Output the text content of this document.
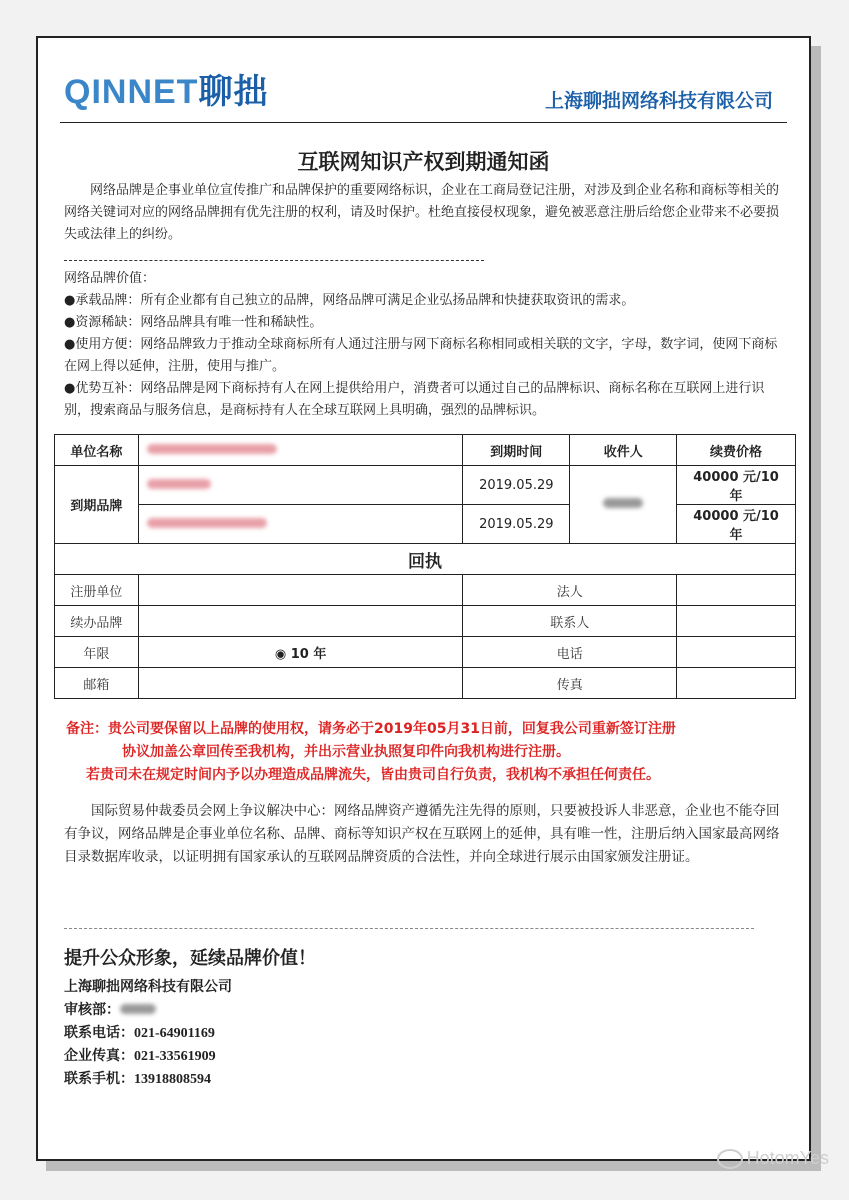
QINNET聊拙	上海聊拙网络科技有限公司
互联网知识产权到期通知函
网络品牌是企事业单位宣传推广和品牌保护的重要网络标识，企业在工商局登记注册，对涉及到企业名称和商标等相关的网络关键词对应的网络品牌拥有优先注册的权利，请及时保护。杜绝直接侵权现象，避免被恶意注册后给您企业带来不必要损失或法律上的纠纷。

网络品牌价值：

●承载品牌：所有企业都有自己独立的品牌，网络品牌可满足企业弘扬品牌和快捷获取资讯的需求。

●资源稀缺：网络品牌具有唯一性和稀缺性。

●使用方便：网络品牌致力于推动全球商标所有人通过注册与网下商标名称相同或相关联的文字，字母，数字词，使网下商标在网上得以延伸，注册，使用与推广。

●优势互补：网络品牌是网下商标持有人在网上提供给用户，消费者可以通过自己的品牌标识、商标名称在互联网上进行识别，搜索商品与服务信息，是商标持有人在全球互联网上具明确，强烈的品牌标识。

单位名称		到期时间	收件人	续费价格
到期品牌		2019.05.29		40000 元/10 年
		2019.05.29		40000 元/10 年
回执				
注册单位		法人		
续办品牌		联系人		
年限	◉ 10 年	电话		
邮箱		传真		

备注：贵公司要保留以上品牌的使用权，请务必于2019年05月31日前，回复我公司重新签订注册

协议加盖公章回传至我机构，并出示营业执照复印件向我机构进行注册。

若贵司未在规定时间内予以办理造成品牌流失，皆由贵司自行负责，我机构不承担任何责任。

国际贸易仲裁委员会网上争议解决中心：网络品牌资产遵循先注先得的原则，只要被投诉人非恶意，企业也不能夺回有争议，网络品牌是企事业单位名称、品牌、商标等知识产权在互联网上的延伸，具有唯一性，注册后纳入国家最高网络目录数据库收录，以证明拥有国家承认的互联网品牌资质的合法性，并向全球进行展示由国家颁发注册证。
提升公众形象，延续品牌价值！

上海聊拙网络科技有限公司

审核部：

联系电话：021-64901169

企业传真：021-33561909

联系手机：13918808594

HotomYes
